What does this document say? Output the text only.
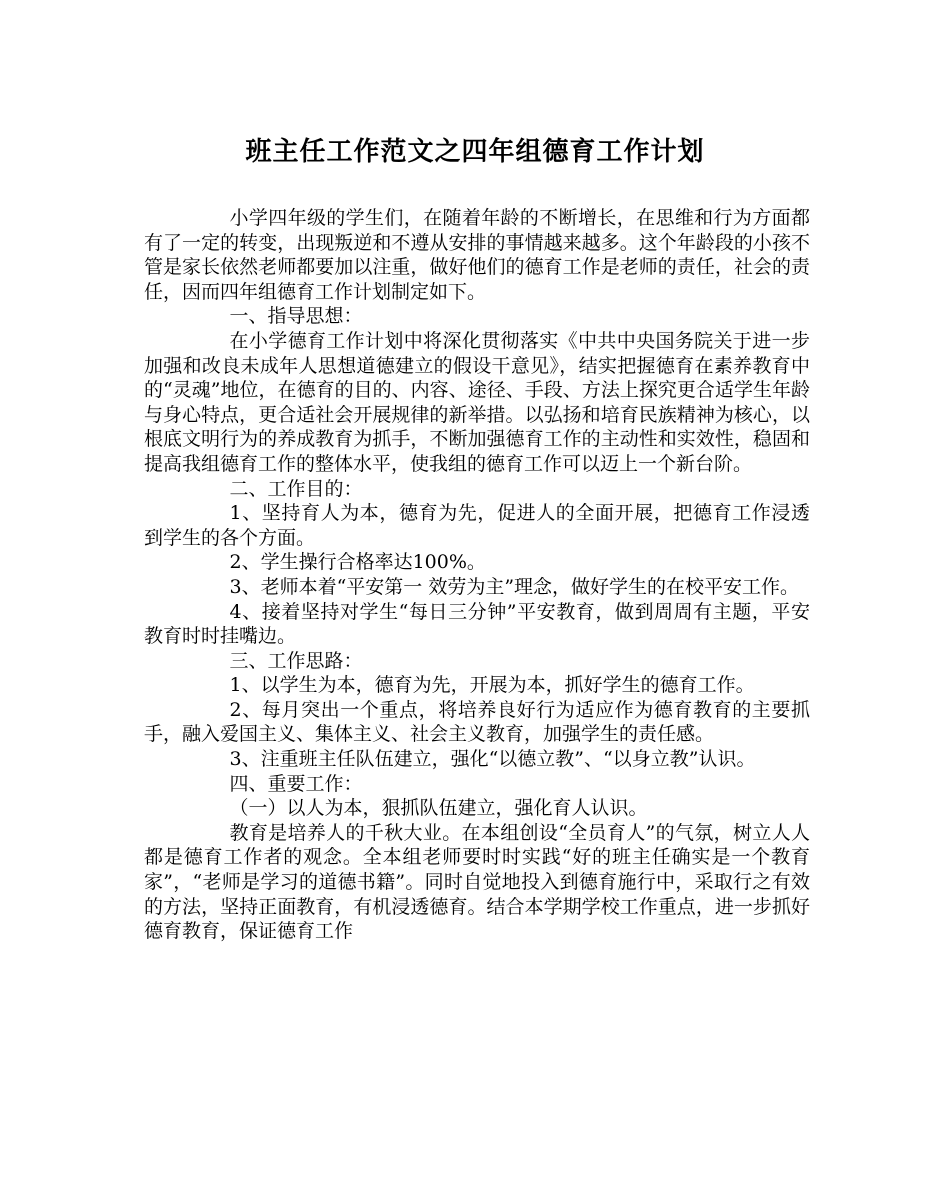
班主任工作范文之四年组德育工作计划

小学四年级的学生们，在随着年龄的不断增长，在思维和行为方面都有了一定的转变，出现叛逆和不遵从安排的事情越来越多。这个年龄段的小孩不管是家长依然老师都要加以注重，做好他们的德育工作是老师的责任，社会的责任，因而四年组德育工作计划制定如下。

一、指导思想：

在小学德育工作计划中将深化贯彻落实《中共中央国务院关于进一步加强和改良未成年人思想道德建立的假设干意见》，结实把握德育在素养教育中的“灵魂”地位，在德育的目的、内容、途径、手段、方法上探究更合适学生年龄与身心特点，更合适社会开展规律的新举措。以弘扬和培育民族精神为核心，以根底文明行为的养成教育为抓手，不断加强德育工作的主动性和实效性，稳固和提高我组德育工作的整体水平，使我组的德育工作可以迈上一个新台阶。

二、工作目的：

1、坚持育人为本，德育为先，促进人的全面开展，把德育工作浸透到学生的各个方面。

2、学生操行合格率达100%。

3、老师本着“平安第一 效劳为主”理念，做好学生的在校平安工作。

4、接着坚持对学生“每日三分钟”平安教育，做到周周有主题，平安教育时时挂嘴边。

三、工作思路：

1、以学生为本，德育为先，开展为本，抓好学生的德育工作。

2、每月突出一个重点，将培养良好行为适应作为德育教育的主要抓手，融入爱国主义、集体主义、社会主义教育，加强学生的责任感。

3、注重班主任队伍建立，强化“以德立教”、“以身立教”认识。

四、重要工作：

（一）以人为本，狠抓队伍建立，强化育人认识。

教育是培养人的千秋大业。在本组创设“全员育人”的气氛，树立人人都是德育工作者的观念。全本组老师要时时实践“好的班主任确实是一个教育家”，“老师是学习的道德书籍”。同时自觉地投入到德育施行中，采取行之有效的方法，坚持正面教育，有机浸透德育。结合本学期学校工作重点，进一步抓好德育教育，保证德育工作
